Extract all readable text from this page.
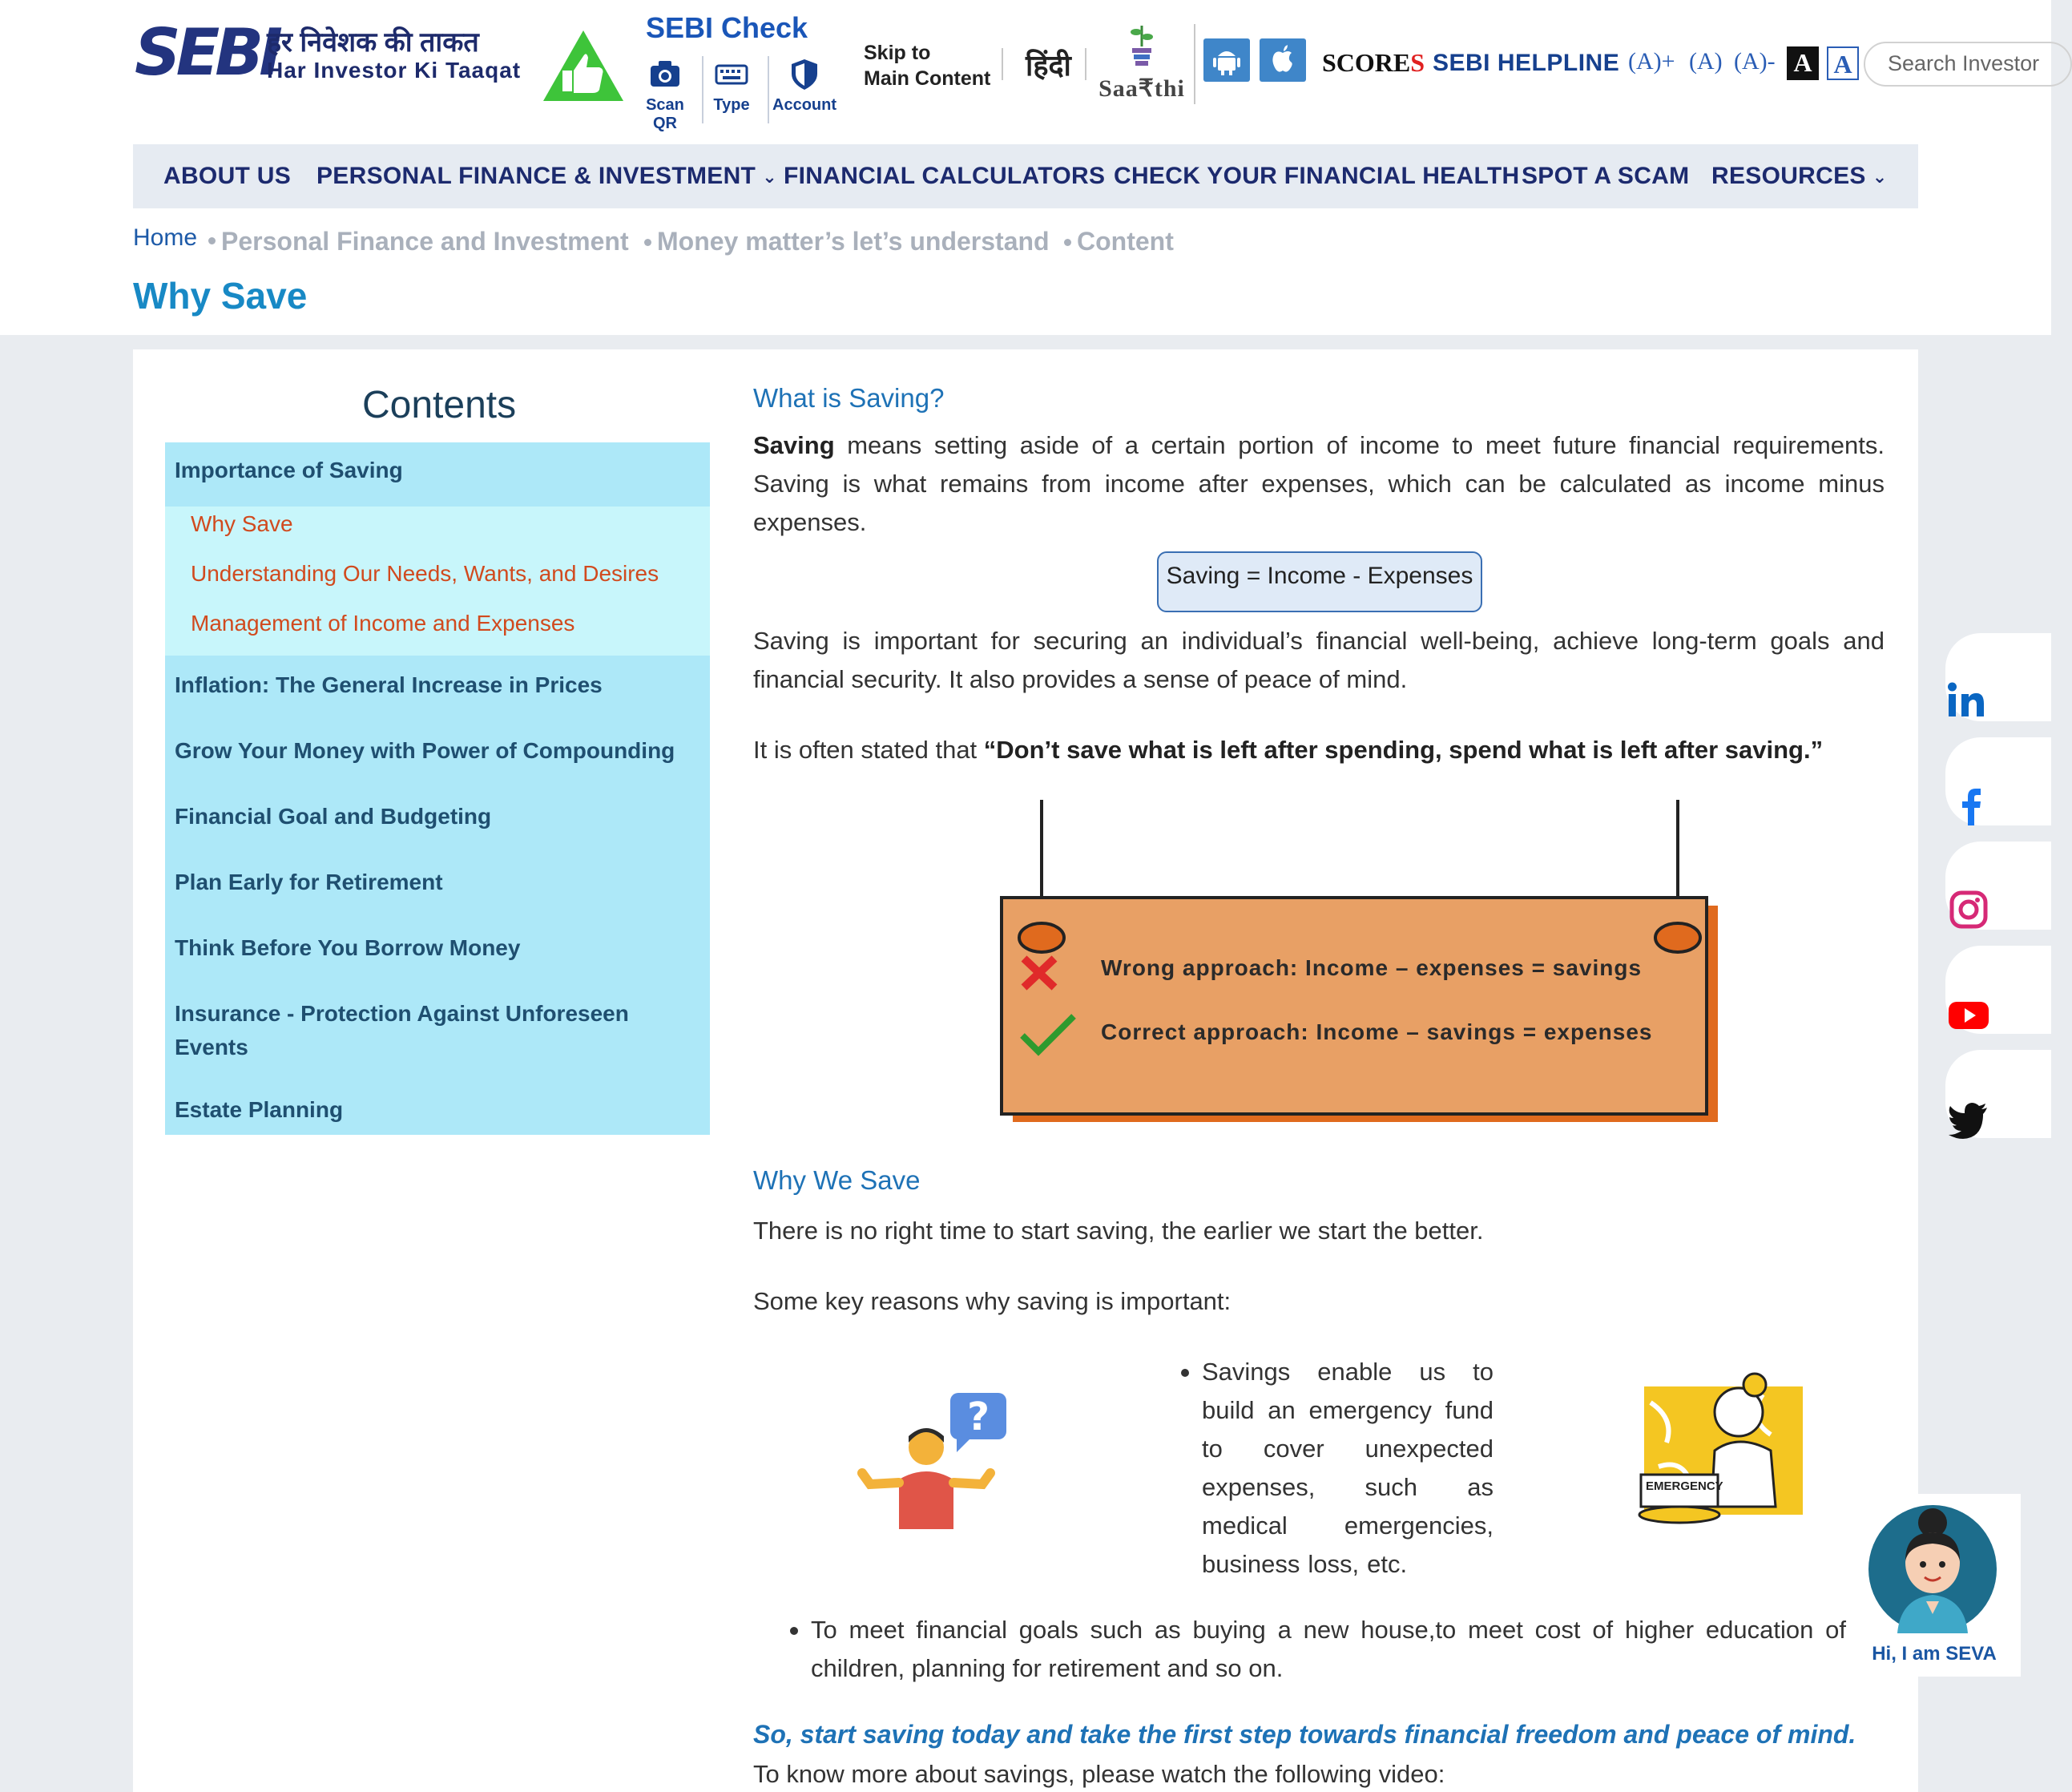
SEBI
हर निवेशक की ताकत
Har Investor Ki Taaqat
SEBI Check
Scan QR
Type	Account
Skip to
Main Content हिंदी
Saa₹thi
SCORES SEBI HELPLINE (A)+ (A) (A)- A A	Search Investor
ABOUT US PERSONAL FINANCE & INVESTMENT ⌄ FINANCIAL CALCULATORS CHECK YOUR FINANCIAL HEALTH SPOT A SCAM RESOURCES ⌄
Home Personal Finance and Investment Money matter’s let’s understand Content
Why Save
Contents
Importance of Saving
Why Save
Understanding Our Needs, Wants, and Desires
Management of Income and Expenses
Inflation: The General Increase in Prices
Grow Your Money with Power of Compounding
Financial Goal and Budgeting
Plan Early for Retirement
Think Before You Borrow Money
Insurance - Protection Against Unforeseen
Events
Estate Planning
What is Saving?
Saving means setting aside of a certain portion of income to meet future financial requirements. Saving is what remains from income after expenses, which can be calculated as income minus expenses.
Saving = Income - Expenses
Saving is important for securing an individual’s financial well-being, achieve long-term goals and financial security. It also provides a sense of peace of mind.
It is often stated that “Don’t save what is left after spending, spend what is left after saving.”
Wrong approach: Income – expenses = savings
Correct approach: Income – savings = expenses
Why We Save
There is no right time to start saving, the earlier we start the better.
Some key reasons why saving is important:
?
Savings enable us to
build an emergency fund
to cover unexpected
expenses, such as
medical emergencies,
business loss, etc.
EMERGENCY
To meet financial goals such as buying a new house,to meet cost of higher education of children, planning for retirement and so on.
So, start saving today and take the first step towards financial freedom and peace of mind.
To know more about savings, please watch the following video:
Hi, I am SEVA
